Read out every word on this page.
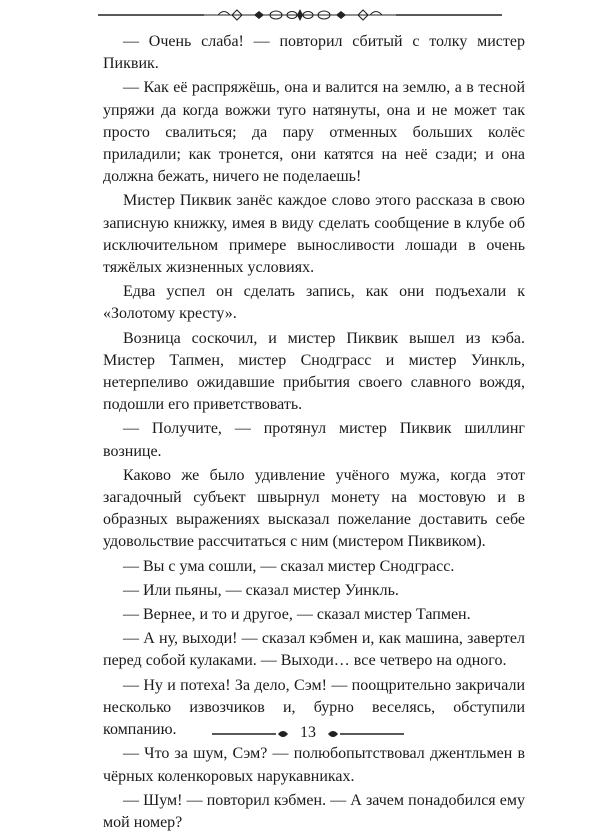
— Очень слаба! — повторил сбитый с толку мистер Пиквик.

— Как её распряжёшь, она и валится на землю, а в тесной упряжи да когда вожжи туго натянуты, она и не может так просто свалиться; да пару отменных больших колёс приладили; как тронется, они катятся на неё сзади; и она должна бежать, ничего не поделаешь!

Мистер Пиквик занёс каждое слово этого рассказа в свою записную книжку, имея в виду сделать сообщение в клубе об исключительном примере выносливости лошади в очень тяжёлых жизненных условиях.

Едва успел он сделать запись, как они подъехали к «Золотому кресту».

Возница соскочил, и мистер Пиквик вышел из кэба. Мистер Тапмен, мистер Снодграсс и мистер Уинкль, нетерпеливо ожидавшие прибытия своего славного вождя, подошли его приветствовать.

— Получите, — протянул мистер Пиквик шиллинг вознице.

Каково же было удивление учёного мужа, когда этот загадочный субъект швырнул монету на мостовую и в образных выражениях высказал пожелание доставить себе удовольствие рассчитаться с ним (мистером Пиквиком).

— Вы с ума сошли, — сказал мистер Снодграсс.

— Или пьяны, — сказал мистер Уинкль.

— Вернее, и то и другое, — сказал мистер Тапмен.

— А ну, выходи! — сказал кэбмен и, как машина, завертел перед собой кулаками. — Выходи… все четверо на одного.

— Ну и потеха! За дело, Сэм! — поощрительно закричали несколько извозчиков и, бурно веселясь, обступили компанию.

— Что за шум, Сэм? — полюбопытствовал джентльмен в чёрных коленкоровых нарукавниках.

— Шум! — повторил кэбмен. — А зачем понадобился ему мой номер?

13
